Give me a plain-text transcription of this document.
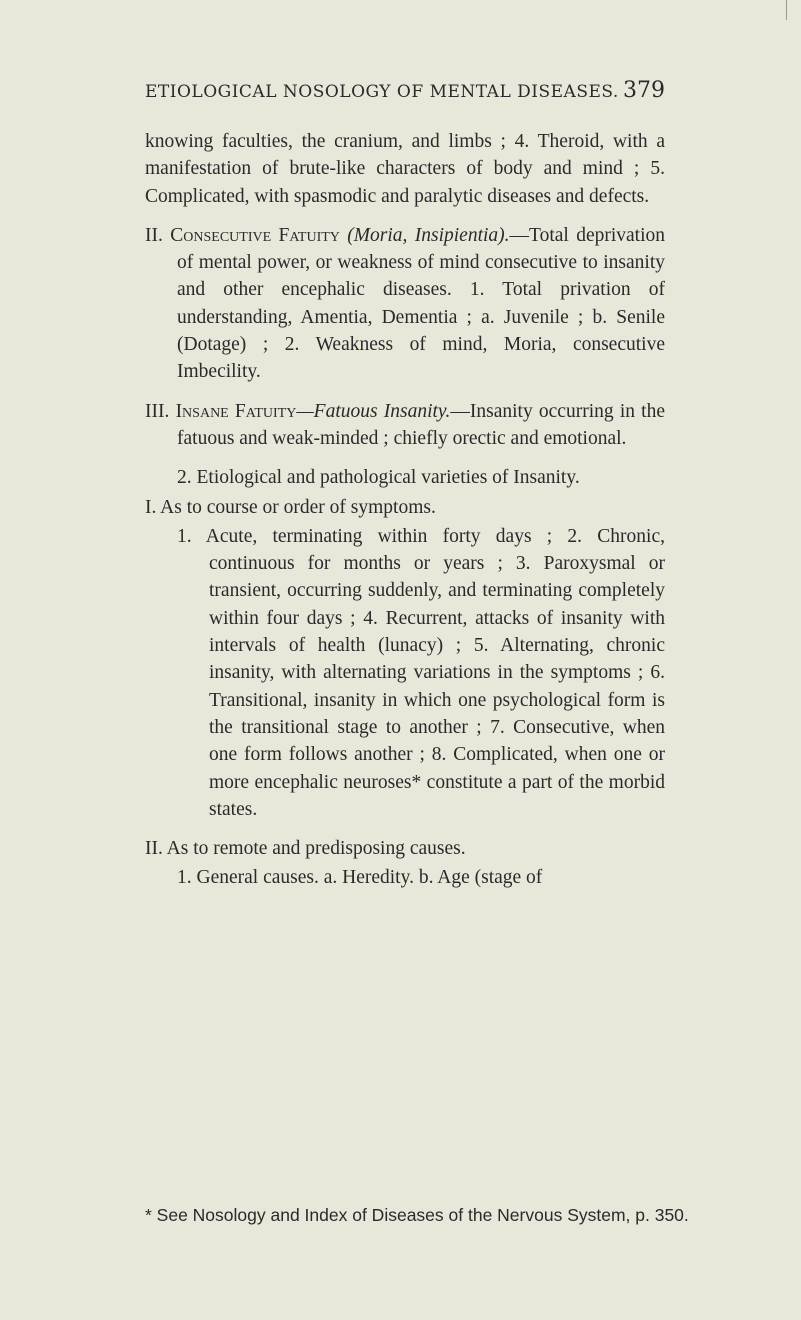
ETIOLOGICAL NOSOLOGY OF MENTAL DISEASES. 379

knowing faculties, the cranium, and limbs ; 4. Theroid, with a manifestation of brute-like characters of body and mind ; 5. Complicated, with spasmodic and paralytic diseases and defects.

II. Consecutive Fatuity (Moria, Insipientia).—Total deprivation of mental power, or weakness of mind consecutive to insanity and other encephalic diseases. 1. Total privation of understanding, Amentia, Dementia ; a. Juvenile ; b. Senile (Dotage) ; 2. Weakness of mind, Moria, consecutive Imbecility.

III. Insane Fatuity—Fatuous Insanity.—Insanity occurring in the fatuous and weak-minded ; chiefly orectic and emotional.

2. Etiological and pathological varieties of Insanity.

I. As to course or order of symptoms.

1. Acute, terminating within forty days ; 2. Chronic, continuous for months or years ; 3. Paroxysmal or transient, occurring suddenly, and terminating completely within four days ; 4. Recurrent, attacks of insanity with intervals of health (lunacy) ; 5. Alternating, chronic insanity, with alternating variations in the symptoms ; 6. Transitional, insanity in which one psychological form is the transitional stage to another ; 7. Consecutive, when one form follows another ; 8. Complicated, when one or more encephalic neuroses* constitute a part of the morbid states.

II. As to remote and predisposing causes.

1. General causes. a. Heredity. b. Age (stage of

* See Nosology and Index of Diseases of the Nervous System, p. 350.
